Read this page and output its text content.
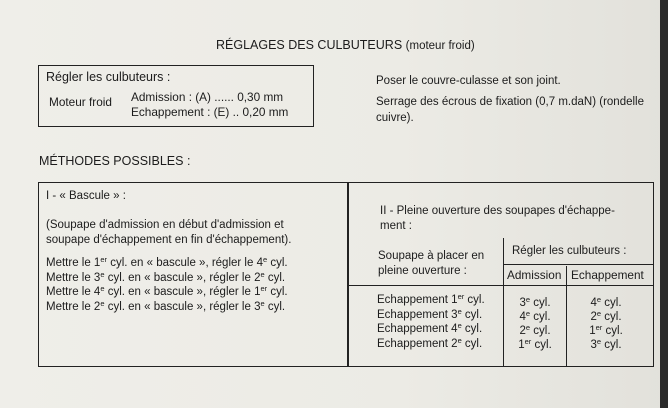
RÉGLAGES DES CULBUTEURS (moteur froid)
Régler les culbuteurs :
Moteur froid Admission : (A) ...... 0,30 mm
Echappement : (E) .. 0,20 mm
Poser le couvre-culasse et son joint.
Serrage des écrous de fixation (0,7 m.daN) (rondelle cuivre).
MÉTHODES POSSIBLES :
I - « Bascule » :
(Soupape d'admission en début d'admission et
soupape d'échappement en fin d'échappement).
Mettre le 1er cyl. en « bascule », régler le 4e cyl.
Mettre le 3e cyl. en « bascule », régler le 2e cyl.
Mettre le 4e cyl. en « bascule », régler le 1er cyl.
Mettre le 2e cyl. en « bascule », régler le 3e cyl.
II - Pleine ouverture des soupapes d'échappe-
ment :
Soupape à placer en
pleine ouverture :
Régler les culbuteurs :
Admission Echappement
Echappement 1er cyl.
Echappement 3e cyl.
Echappement 4e cyl.
Echappement 2e cyl.
3e cyl.
4e cyl.
2e cyl.
1er cyl.
4e cyl.
2e cyl.
1er cyl.
3e cyl.
